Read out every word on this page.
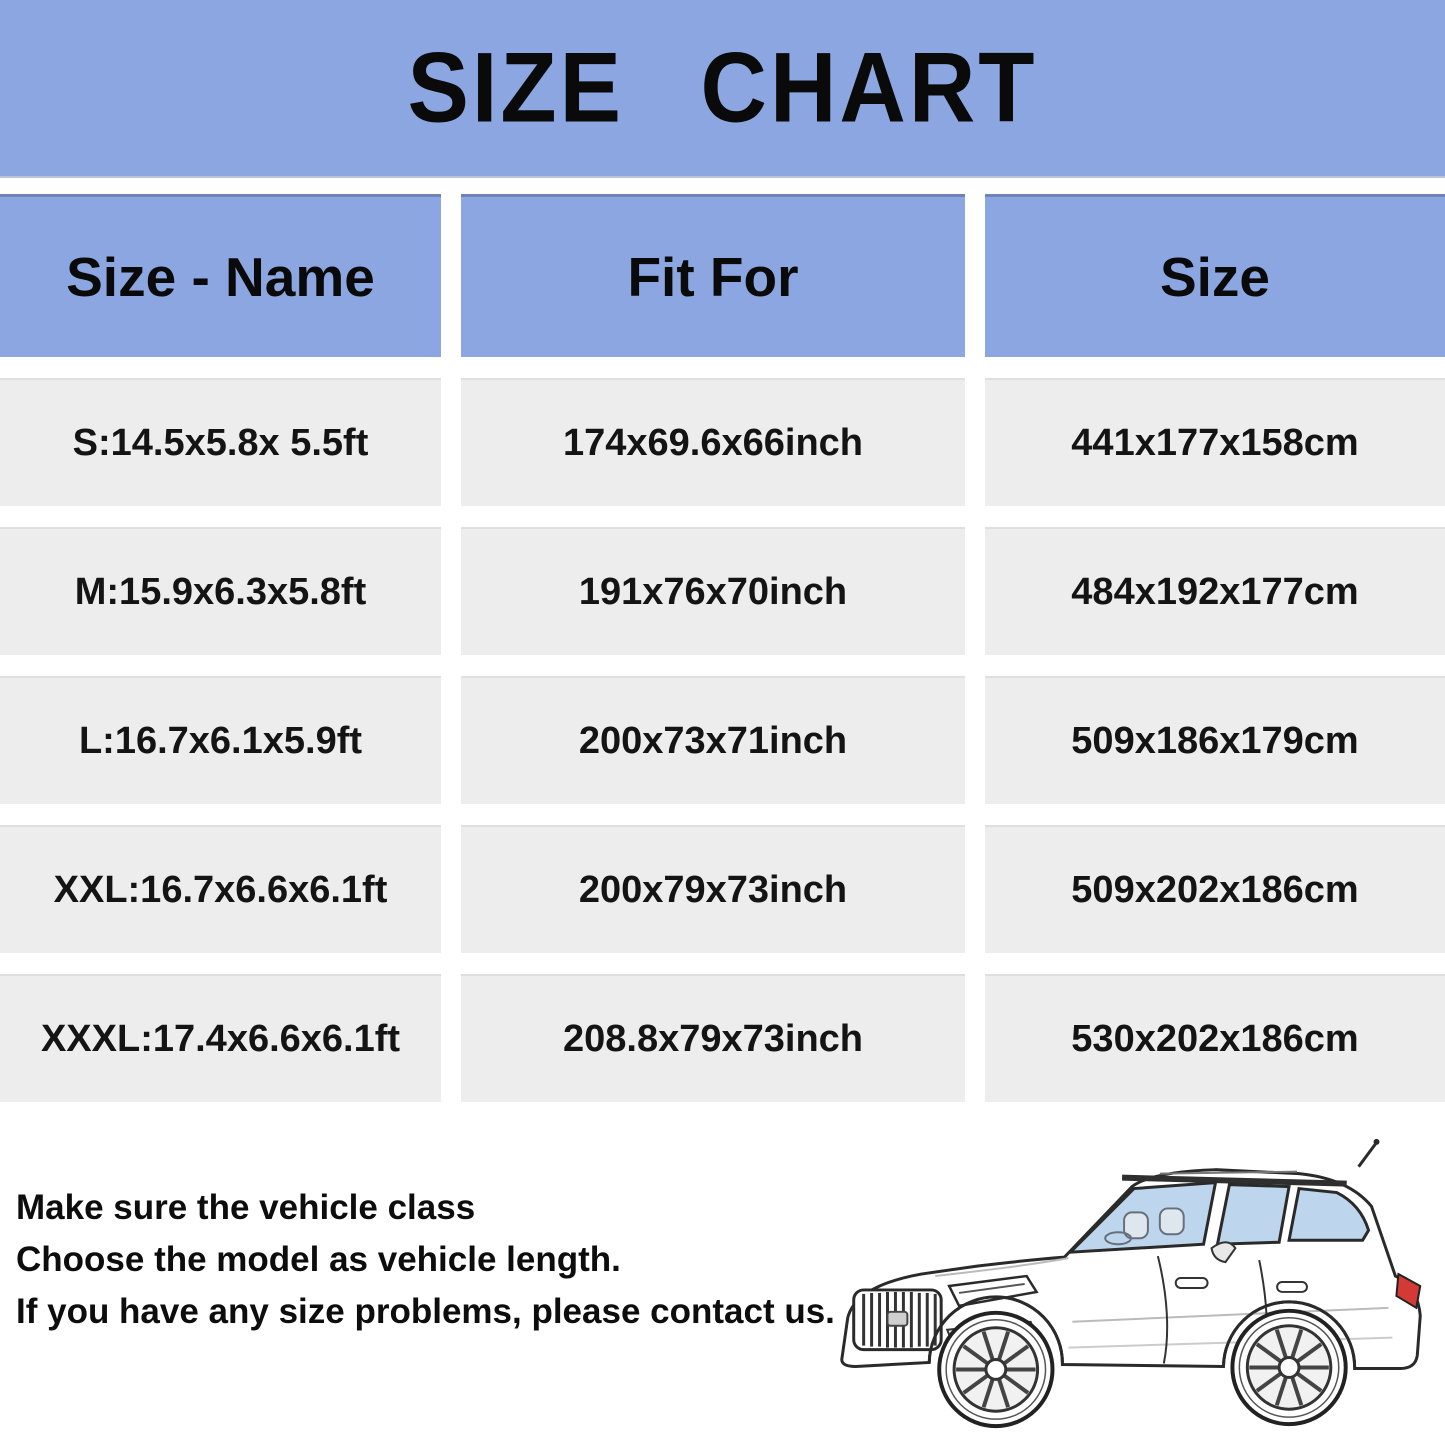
SIZE CHART
Size - Name	Fit For	Size
S:14.5x5.8x 5.5ft	174x69.6x66inch	441x177x158cm
M:15.9x6.3x5.8ft	191x76x70inch	484x192x177cm
L:16.7x6.1x5.9ft	200x73x71inch	509x186x179cm
XXL:16.7x6.6x6.1ft	200x79x73inch	509x202x186cm
XXXL:17.4x6.6x6.1ft	208.8x79x73inch	530x202x186cm
Make sure the vehicle class
Choose the model as vehicle length.
If you have any size problems, please contact us.
